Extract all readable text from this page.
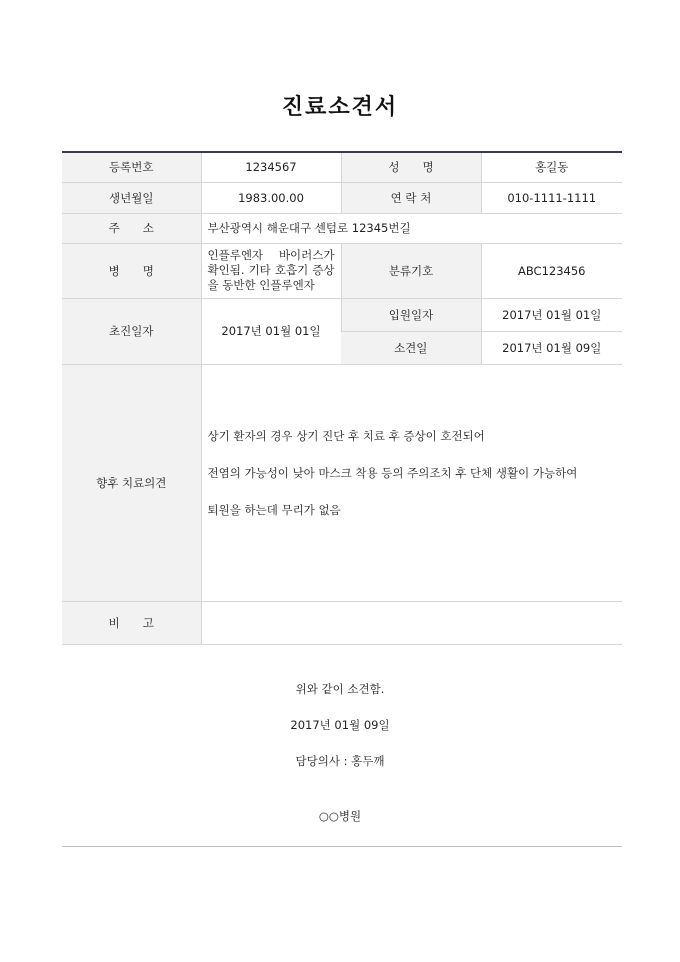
진료소견서
등록번호	1234567	성　　명	홍길동
생년월일	1983.00.00	연 락 처	010-1111-1111
주　　소	부산광역시 해운대구 센텀로 12345번길		
병　　명	인플루엔자 바이러스가 확인됨. 기타 호흡기 증상을 동반한 인플루엔자	분류기호	ABC123456
초진일자	2017년 01월 01일	입원일자	2017년 01월 01일
		소견일	2017년 01월 09일
향후 치료의견	상기 환자의 경우 상기 진단 후 치료 후 증상이 호전되어
전염의 가능성이 낮아 마스크 착용 등의 주의조치 후 단체 생활이 가능하여
퇴원을 하는데 무리가 없음		

비　　고			
위와 같이 소견함.
2017년 01월 09일
담당의사 : 홍두깨
○○병원
